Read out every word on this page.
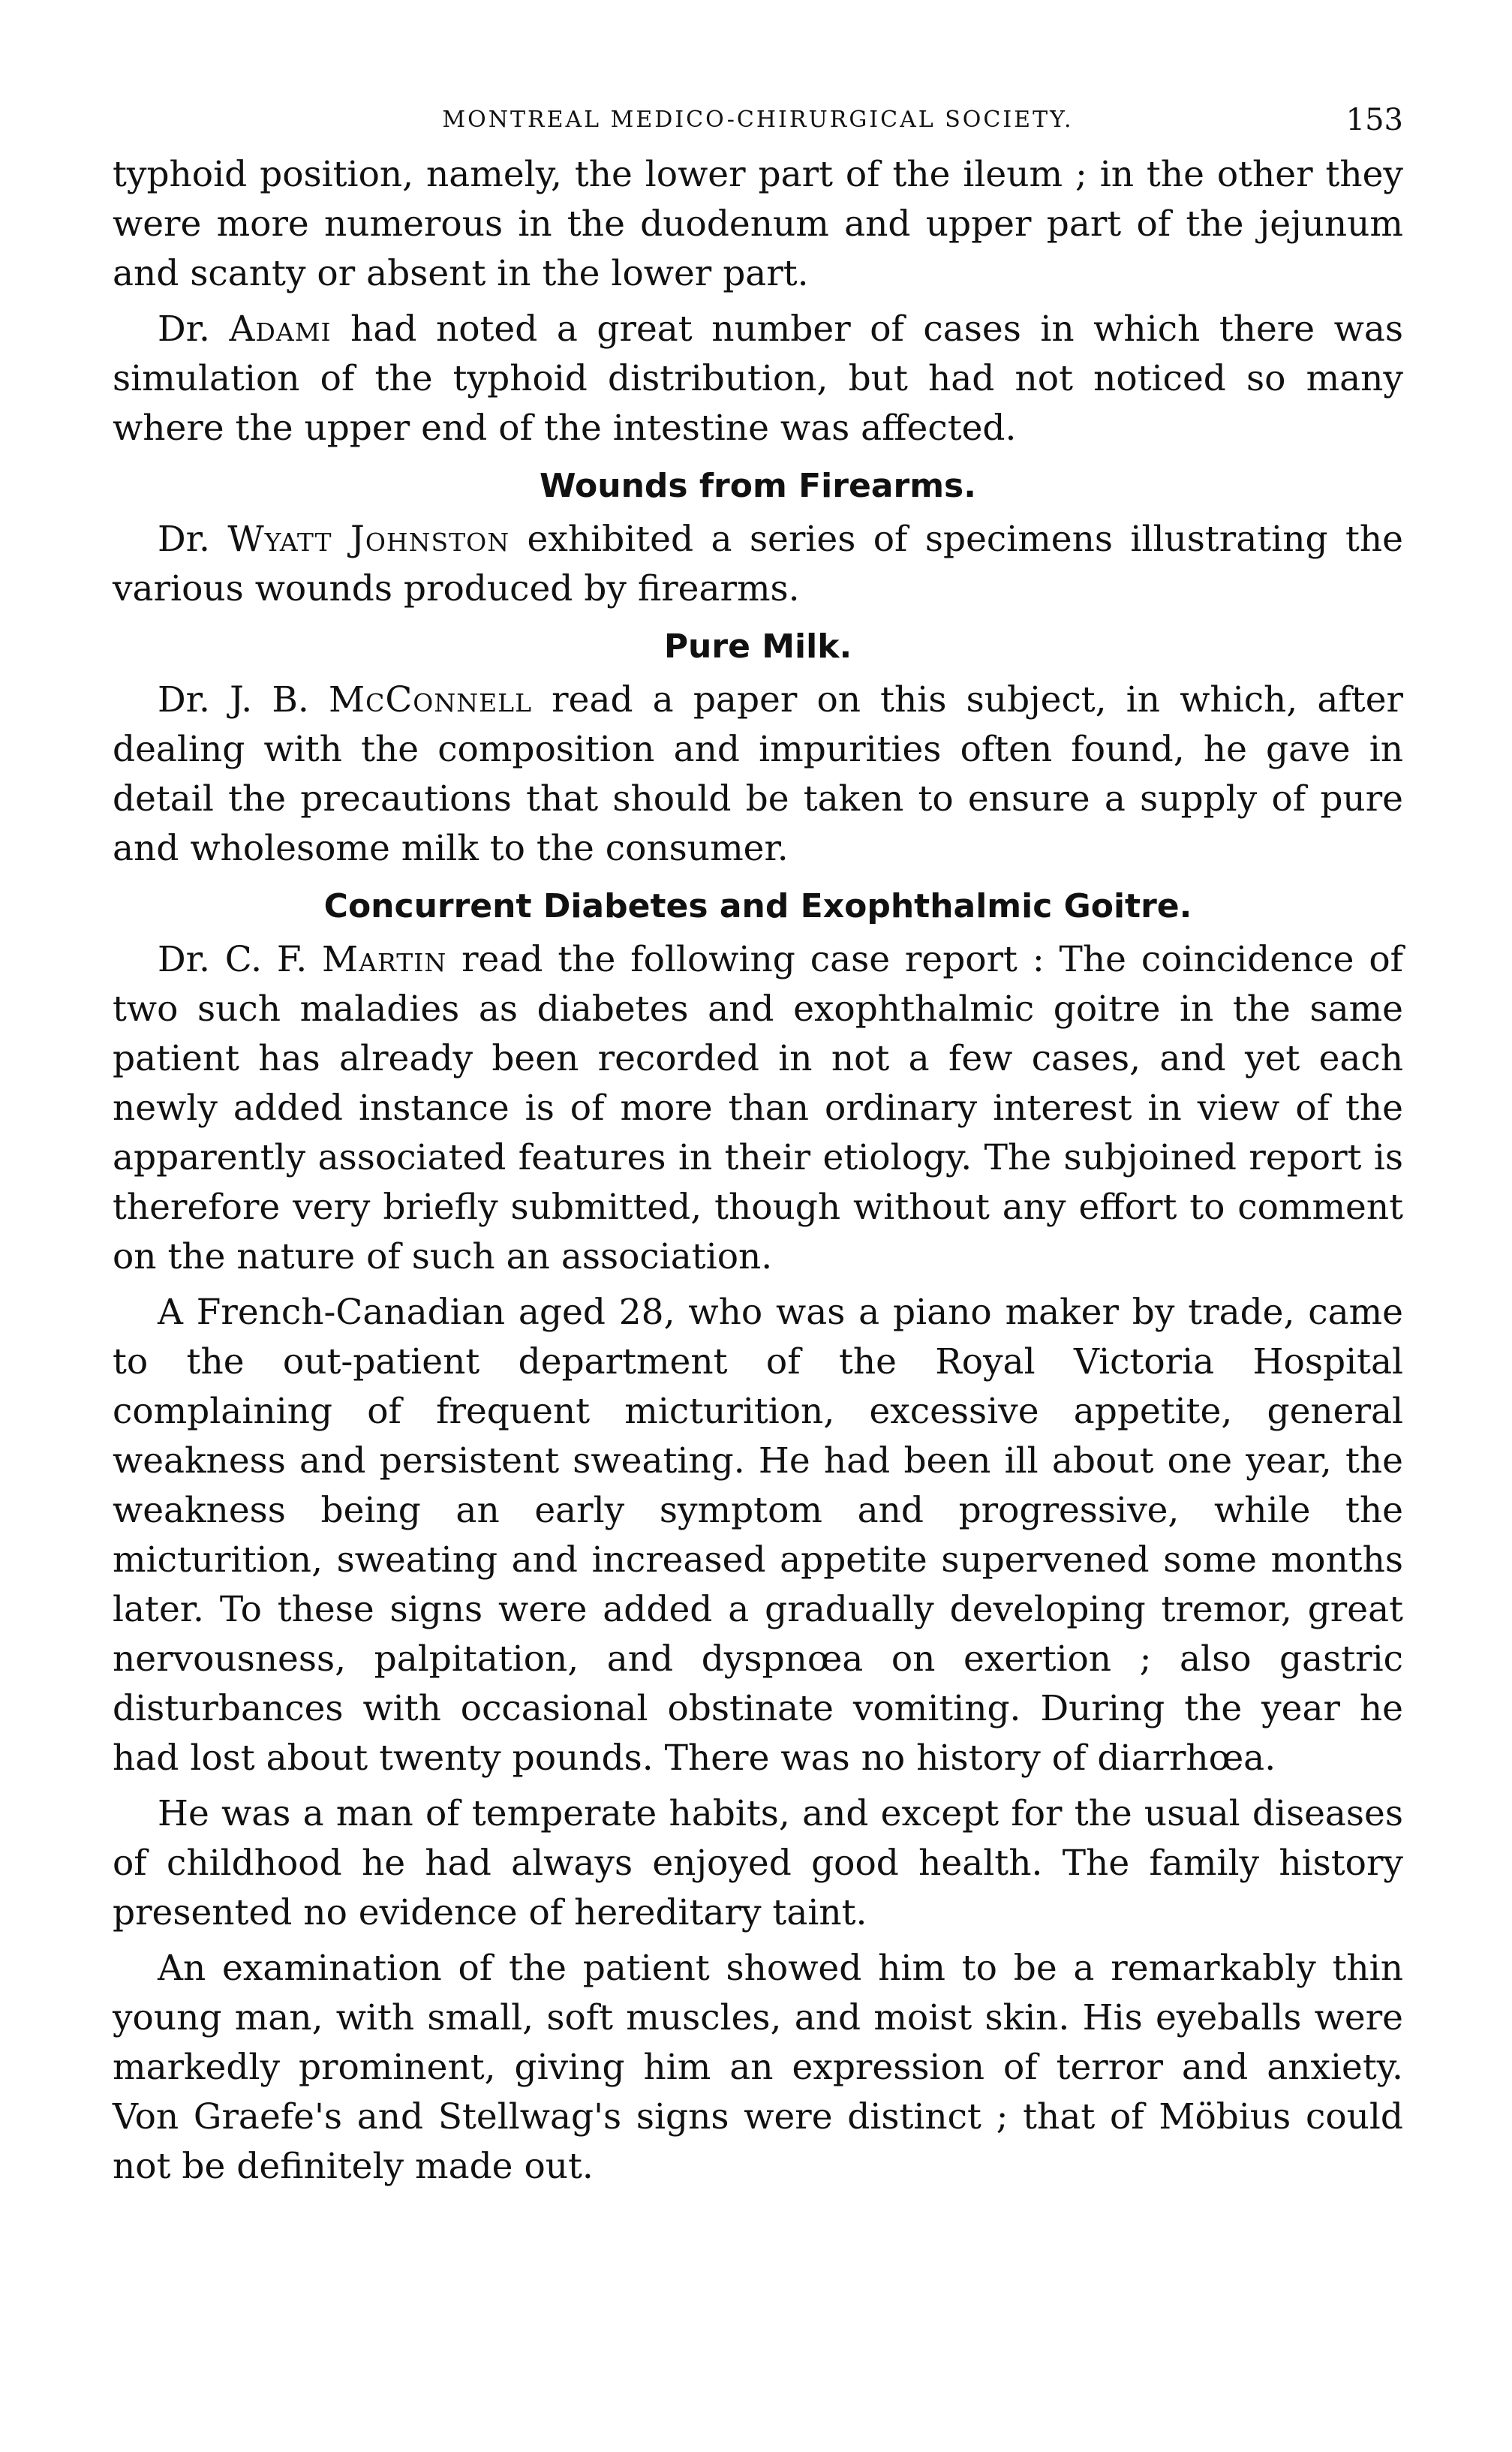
MONTREAL MEDICO-CHIRURGICAL SOCIETY.	153

typhoid position, namely, the lower part of the ileum ; in the other they were more numerous in the duodenum and upper part of the jejunum and scanty or absent in the lower part.

Dr. Adami had noted a great number of cases in which there was simulation of the typhoid distribution, but had not noticed so many where the upper end of the intestine was affected.

Wounds from Firearms.

Dr. Wyatt Johnston exhibited a series of specimens illustrating the various wounds produced by firearms.

Pure Milk.

Dr. J. B. McConnell read a paper on this subject, in which, after dealing with the composition and impurities often found, he gave in detail the precautions that should be taken to ensure a supply of pure and wholesome milk to the consumer.

Concurrent Diabetes and Exophthalmic Goitre.

Dr. C. F. Martin read the following case report : The coincidence of two such maladies as diabetes and exophthalmic goitre in the same patient has already been recorded in not a few cases, and yet each newly added instance is of more than ordinary interest in view of the apparently associated features in their etiology. The subjoined report is therefore very briefly submitted, though without any effort to comment on the nature of such an association.

A French-Canadian aged 28, who was a piano maker by trade, came to the out-patient department of the Royal Victoria Hospital complaining of frequent micturition, excessive appetite, general weakness and persistent sweating. He had been ill about one year, the weakness being an early symptom and progressive, while the micturition, sweating and increased appetite supervened some months later. To these signs were added a gradually developing tremor, great nervousness, palpitation, and dyspnœa on exertion ; also gastric disturbances with occasional obstinate vomiting. During the year he had lost about twenty pounds. There was no history of diarrhœa.

He was a man of temperate habits, and except for the usual diseases of childhood he had always enjoyed good health. The family history presented no evidence of hereditary taint.

An examination of the patient showed him to be a remarkably thin young man, with small, soft muscles, and moist skin. His eyeballs were markedly prominent, giving him an expression of terror and anxiety. Von Graefe's and Stellwag's signs were distinct ; that of Möbius could not be definitely made out.
